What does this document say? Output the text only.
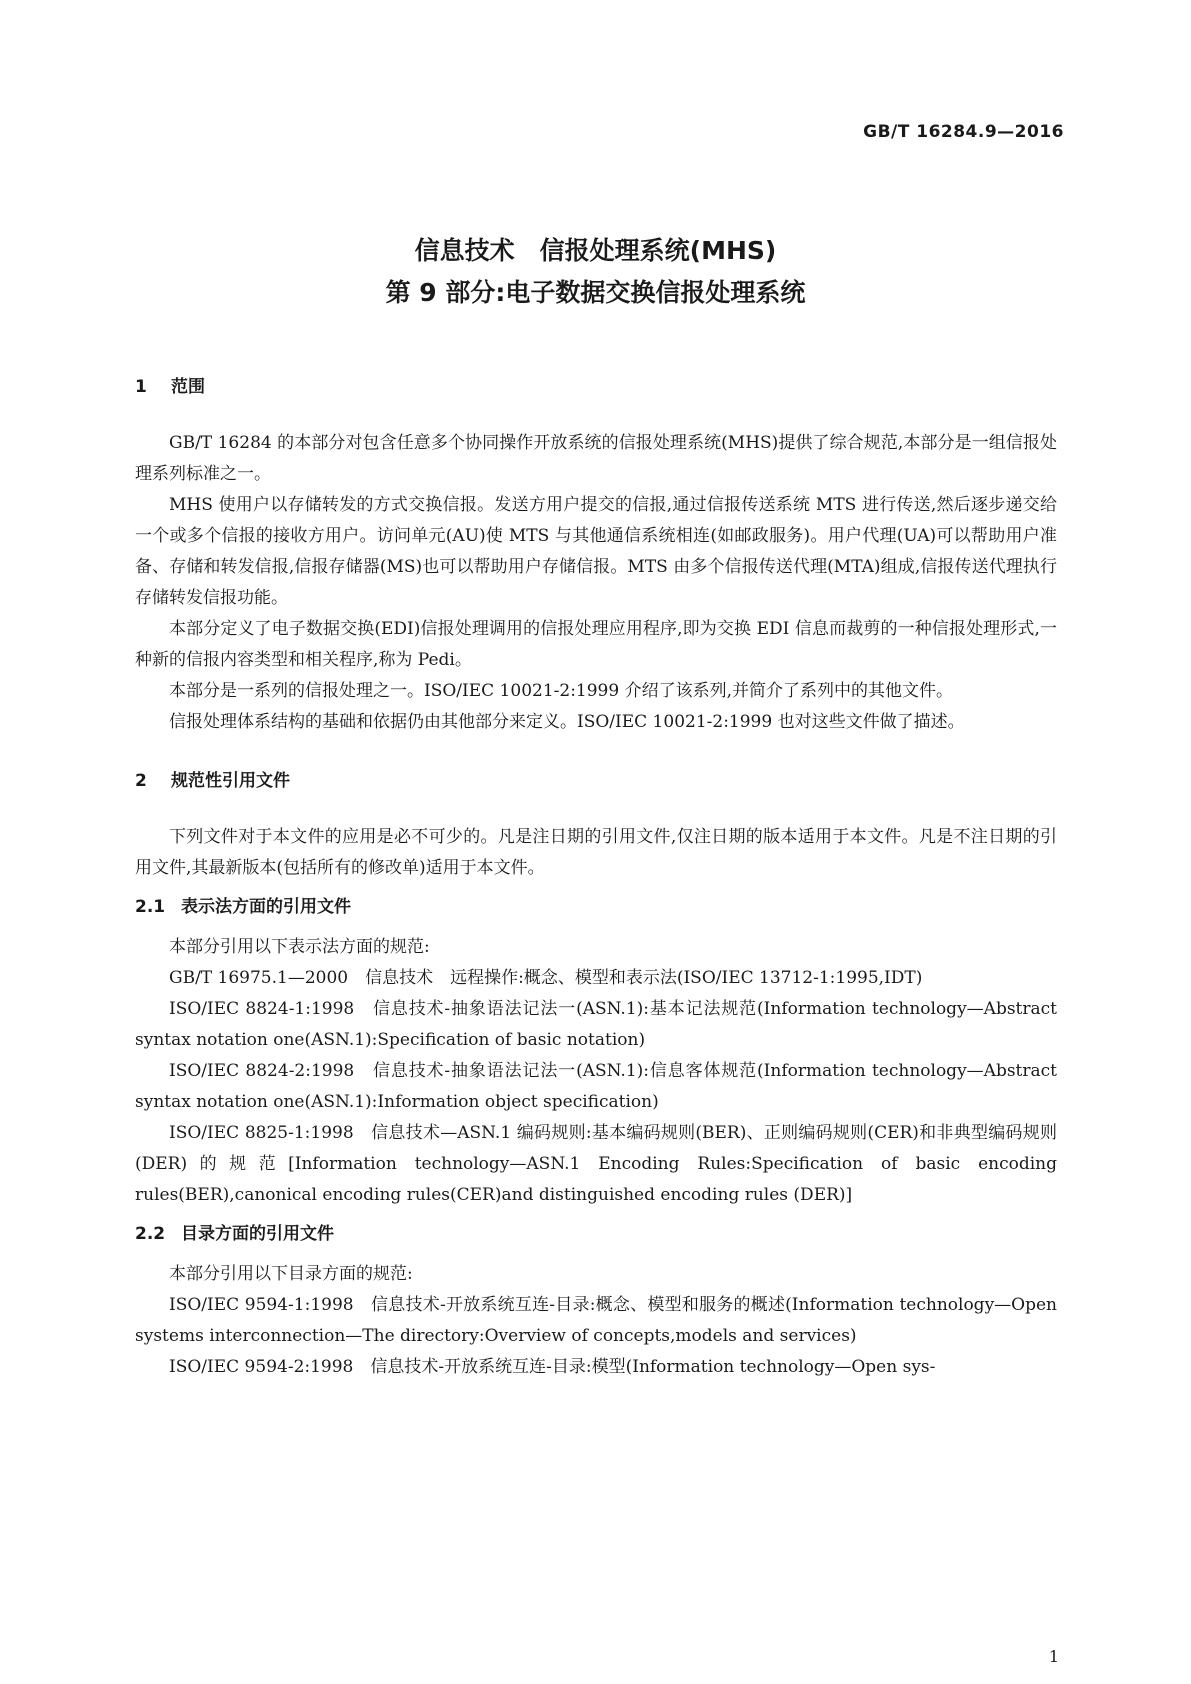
GB/T 16284.9—2016
信息技术　信报处理系统(MHS)
第 9 部分:电子数据交换信报处理系统
1 范围

GB/T 16284 的本部分对包含任意多个协同操作开放系统的信报处理系统(MHS)提供了综合规范,本部分是一组信报处理系列标准之一。

MHS 使用户以存储转发的方式交换信报。发送方用户提交的信报,通过信报传送系统 MTS 进行传送,然后逐步递交给一个或多个信报的接收方用户。访问单元(AU)使 MTS 与其他通信系统相连(如邮政服务)。用户代理(UA)可以帮助用户准备、存储和转发信报,信报存储器(MS)也可以帮助用户存储信报。MTS 由多个信报传送代理(MTA)组成,信报传送代理执行存储转发信报功能。

本部分定义了电子数据交换(EDI)信报处理调用的信报处理应用程序,即为交换 EDI 信息而裁剪的一种信报处理形式,一种新的信报内容类型和相关程序,称为 Pedi。

本部分是一系列的信报处理之一。ISO/IEC 10021-2:1999 介绍了该系列,并简介了系列中的其他文件。

信报处理体系结构的基础和依据仍由其他部分来定义。ISO/IEC 10021-2:1999 也对这些文件做了描述。

2 规范性引用文件

下列文件对于本文件的应用是必不可少的。凡是注日期的引用文件,仅注日期的版本适用于本文件。凡是不注日期的引用文件,其最新版本(包括所有的修改单)适用于本文件。

2.1 表示法方面的引用文件

本部分引用以下表示法方面的规范:

GB/T 16975.1—2000　信息技术　远程操作:概念、模型和表示法(ISO/IEC 13712-1:1995,IDT)

ISO/IEC 8824-1:1998　信息技术-抽象语法记法一(ASN.1):基本记法规范(Information technology—Abstract syntax notation one(ASN.1):Specification of basic notation)

ISO/IEC 8824-2:1998　信息技术-抽象语法记法一(ASN.1):信息客体规范(Information technology—Abstract syntax notation one(ASN.1):Information object specification)

ISO/IEC 8825-1:1998　信息技术—ASN.1 编码规则:基本编码规则(BER)、正则编码规则(CER)和非典型编码规则(DER)的规范[Information technology—ASN.1 Encoding Rules:Specification of basic encoding rules(BER),canonical encoding rules(CER)and distinguished encoding rules (DER)]

2.2 目录方面的引用文件

本部分引用以下目录方面的规范:

ISO/IEC 9594-1:1998　信息技术-开放系统互连-目录:概念、模型和服务的概述(Information technology—Open systems interconnection—The directory:Overview of concepts,models and services)

ISO/IEC 9594-2:1998　信息技术-开放系统互连-目录:模型(Information technology—Open sys-

1
